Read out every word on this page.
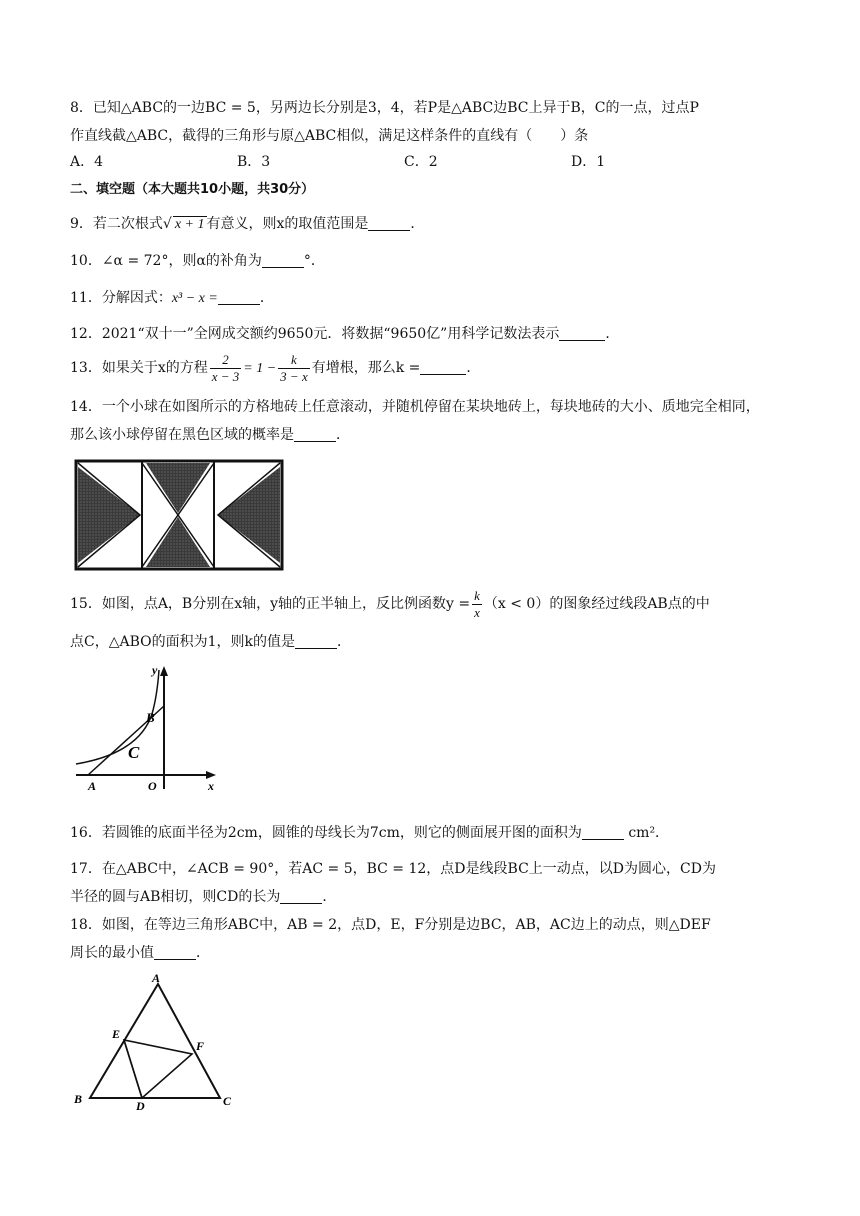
8．已知△ABC的一边BC = 5，另两边长分别是3，4，若P是△ABC边BC上异于B，C的一点，过点P
作直线截△ABC，截得的三角形与原△ABC相似，满足这样条件的直线有（　　）条
A．4	B．3	C．2	D．1
二、填空题（本大题共10小题，共30分）
9．若二次根式√ x + 1 有意义，则x的取值范围是	．
10．∠α = 72°，则α的补角为	°．
11．分解因式：x³ − x =	．
12．2021“双十一”全网成交额约9650元．将数据“9650亿”用科学记数法表示	．
13．如果关于x的方程 $\frac{2}{x - 3} = 1 - \frac{k}{3 - x}$ 有增根，那么k =	．
14．一个小球在如图所示的方格地砖上任意滚动，并随机停留在某块地砖上，每块地砖的大小、质地完全相同，
那么该小球停留在黑色区域的概率是	．
15．如图，点A，B分别在x轴，y轴的正半轴上，反比例函数$y = \frac{k}{x} (x < 0)$的图象经过线段AB点的中
点C，△ABO的面积为1，则k的值是	．
y
B
C
A	O	x
16．若圆锥的底面半径为2cm，圆锥的母线长为7cm，则它的侧面展开图的面积为	cm²．
17．在△ABC中，∠ACB = 90°，若AC = 5，BC = 12，点D是线段BC上一动点，以D为圆心，CD为
半径的圆与AB相切，则CD的长为	．
18．如图，在等边三角形ABC中，AB = 2，点D，E，F分别是边BC，AB，AC边上的动点，则△DEF
周长的最小值	．
A
B	C
D
E
F
